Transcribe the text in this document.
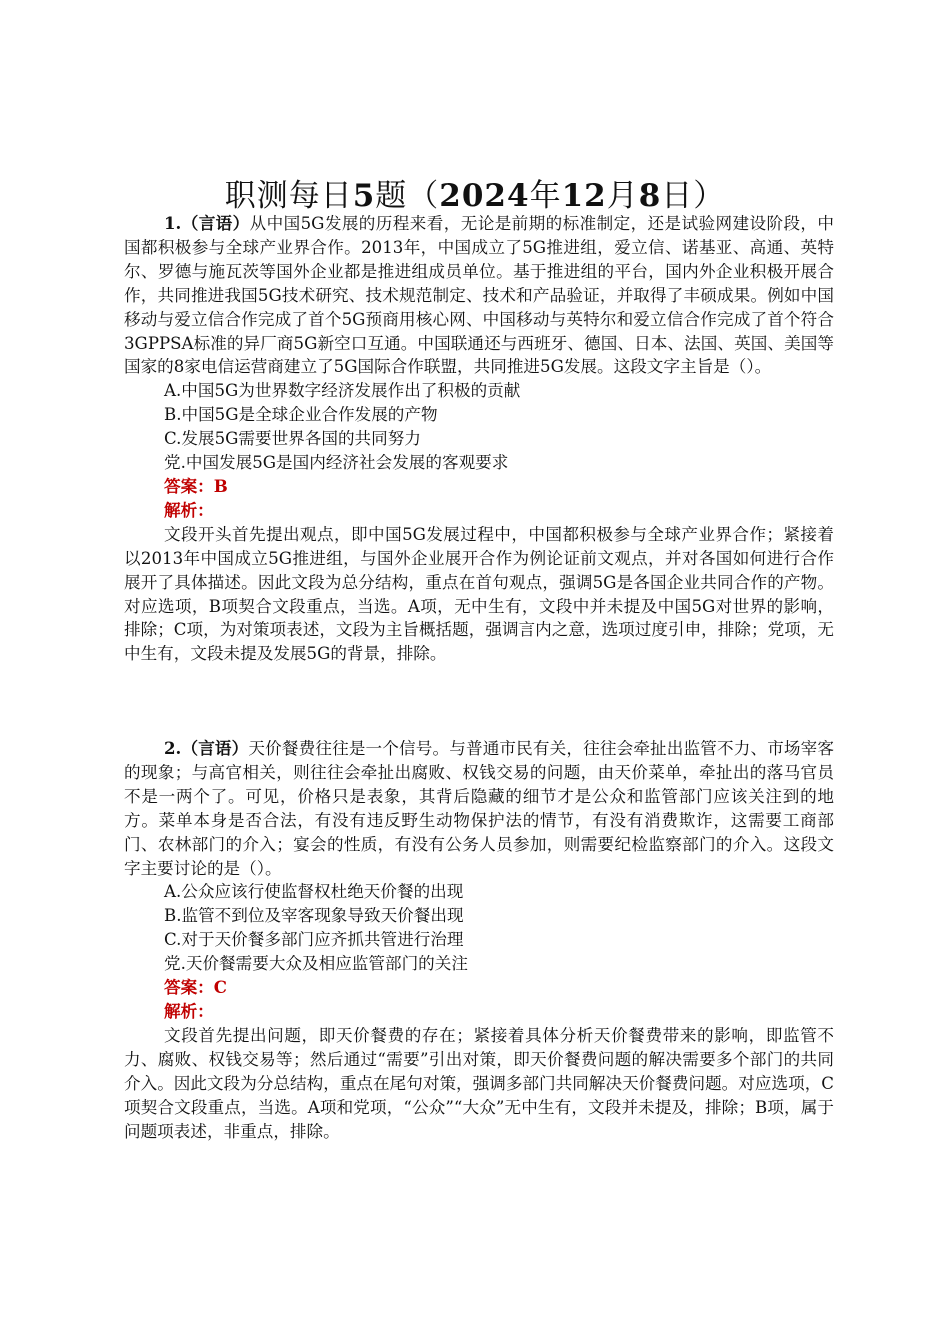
职测每日5题（2024年12月8日）

1.（言语）从中国5G发展的历程来看，无论是前期的标准制定，还是试验网建设阶段，中国都积极参与全球产业界合作。2013年，中国成立了5G推进组，爱立信、诺基亚、高通、英特尔、罗德与施瓦茨等国外企业都是推进组成员单位。基于推进组的平台，国内外企业积极开展合作，共同推进我国5G技术研究、技术规范制定、技术和产品验证，并取得了丰硕成果。例如中国移动与爱立信合作完成了首个5G预商用核心网、中国移动与英特尔和爱立信合作完成了首个符合3GPPSA标准的异厂商5G新空口互通。中国联通还与西班牙、德国、日本、法国、英国、美国等国家的8家电信运营商建立了5G国际合作联盟，共同推进5G发展。这段文字主旨是（）。

A.中国5G为世界数字经济发展作出了积极的贡献

B.中国5G是全球企业合作发展的产物

C.发展5G需要世界各国的共同努力

党.中国发展5G是国内经济社会发展的客观要求

答案：B

解析：

文段开头首先提出观点，即中国5G发展过程中，中国都积极参与全球产业界合作；紧接着以2013年中国成立5G推进组，与国外企业展开合作为例论证前文观点，并对各国如何进行合作展开了具体描述。因此文段为总分结构，重点在首句观点，强调5G是各国企业共同合作的产物。对应选项，B项契合文段重点，当选。A项，无中生有，文段中并未提及中国5G对世界的影响，排除；C项，为对策项表述，文段为主旨概括题，强调言内之意，选项过度引申，排除；党项，无中生有，文段未提及发展5G的背景，排除。

2.（言语）天价餐费往往是一个信号。与普通市民有关，往往会牵扯出监管不力、市场宰客的现象；与高官相关，则往往会牵扯出腐败、权钱交易的问题，由天价菜单，牵扯出的落马官员不是一两个了。可见，价格只是表象，其背后隐藏的细节才是公众和监管部门应该关注到的地方。菜单本身是否合法，有没有违反野生动物保护法的情节，有没有消费欺诈，这需要工商部门、农林部门的介入；宴会的性质，有没有公务人员参加，则需要纪检监察部门的介入。这段文字主要讨论的是（）。

A.公众应该行使监督权杜绝天价餐的出现

B.监管不到位及宰客现象导致天价餐出现

C.对于天价餐多部门应齐抓共管进行治理

党.天价餐需要大众及相应监管部门的关注

答案：C

解析：

文段首先提出问题，即天价餐费的存在；紧接着具体分析天价餐费带来的影响，即监管不力、腐败、权钱交易等；然后通过“需要”引出对策，即天价餐费问题的解决需要多个部门的共同介入。因此文段为分总结构，重点在尾句对策，强调多部门共同解决天价餐费问题。对应选项，C项契合文段重点，当选。A项和党项，“公众”“大众”无中生有，文段并未提及，排除；B项，属于问题项表述，非重点，排除。
